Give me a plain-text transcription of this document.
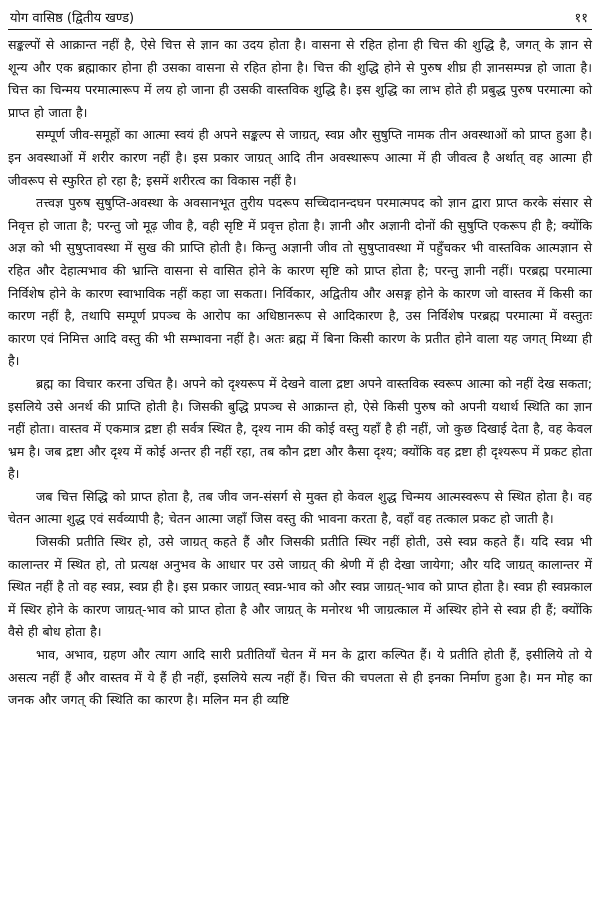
योग वासिष्ठ (द्वितीय खण्ड)	११

सङ्कल्पों से आक्रान्त नहीं है, ऐसे चित्त से ज्ञान का उदय होता है। वासना से रहित होना ही चित्त की शुद्धि है, जगत् के ज्ञान से शून्य और एक ब्रह्माकार होना ही उसका वासना से रहित होना है। चित्त की शुद्धि होने से पुरुष शीघ्र ही ज्ञानसम्पन्न हो जाता है। चित्त का चिन्मय परमात्मारूप में लय हो जाना ही उसकी वास्तविक शुद्धि है। इस शुद्धि का लाभ होते ही प्रबुद्ध पुरुष परमात्मा को प्राप्त हो जाता है।

सम्पूर्ण जीव-समूहों का आत्मा स्वयं ही अपने सङ्कल्प से जाग्रत्, स्वप्न और सुषुप्ति नामक तीन अवस्थाओं को प्राप्त हुआ है। इन अवस्थाओं में शरीर कारण नहीं है। इस प्रकार जाग्रत् आदि तीन अवस्थारूप आत्मा में ही जीवत्व है अर्थात् वह आत्मा ही जीवरूप से स्फुरित हो रहा है; इसमें शरीरत्व का विकास नहीं है।

तत्त्वज्ञ पुरुष सुषुप्ति-अवस्था के अवसानभूत तुरीय पदरूप सच्चिदानन्दघन परमात्मपद को ज्ञान द्वारा प्राप्त करके संसार से निवृत्त हो जाता है; परन्तु जो मूढ़ जीव है, वही सृष्टि में प्रवृत्त होता है। ज्ञानी और अज्ञानी दोनों की सुषुप्ति एकरूप ही है; क्योंकि अज्ञ को भी सुषुप्तावस्था में सुख की प्राप्ति होती है। किन्तु अज्ञानी जीव तो सुषुप्तावस्था में पहुँचकर भी वास्तविक आत्मज्ञान से रहित और देहात्मभाव की भ्रान्ति वासना से वासित होने के कारण सृष्टि को प्राप्त होता है; परन्तु ज्ञानी नहीं। परब्रह्म परमात्मा निर्विशेष होने के कारण स्वाभाविक नहीं कहा जा सकता। निर्विकार, अद्वितीय और असङ्ग होने के कारण जो वास्तव में किसी का कारण नहीं है, तथापि सम्पूर्ण प्रपञ्च के आरोप का अधिष्ठानरूप से आदिकारण है, उस निर्विशेष परब्रह्म परमात्मा में वस्तुतः कारण एवं निमित्त आदि वस्तु की भी सम्भावना नहीं है। अतः ब्रह्म में बिना किसी कारण के प्रतीत होने वाला यह जगत् मिथ्या ही है।

ब्रह्म का विचार करना उचित है। अपने को दृश्यरूप में देखने वाला द्रष्टा अपने वास्तविक स्वरूप आत्मा को नहीं देख सकता; इसलिये उसे अनर्थ की प्राप्ति होती है। जिसकी बुद्धि प्रपञ्च से आक्रान्त हो, ऐसे किसी पुरुष को अपनी यथार्थ स्थिति का ज्ञान नहीं होता। वास्तव में एकमात्र द्रष्टा ही सर्वत्र स्थित है, दृश्य नाम की कोई वस्तु यहाँ है ही नहीं, जो कुछ दिखाई देता है, वह केवल भ्रम है। जब द्रष्टा और दृश्य में कोई अन्तर ही नहीं रहा, तब कौन द्रष्टा और कैसा दृश्य; क्योंकि वह द्रष्टा ही दृश्यरूप में प्रकट होता है।

जब चित्त सिद्धि को प्राप्त होता है, तब जीव जन-संसर्ग से मुक्त हो केवल शुद्ध चिन्मय आत्मस्वरूप से स्थित होता है। वह चेतन आत्मा शुद्ध एवं सर्वव्यापी है; चेतन आत्मा जहाँ जिस वस्तु की भावना करता है, वहाँ वह तत्काल प्रकट हो जाती है।

जिसकी प्रतीति स्थिर हो, उसे जाग्रत् कहते हैं और जिसकी प्रतीति स्थिर नहीं होती, उसे स्वप्न कहते हैं। यदि स्वप्न भी कालान्तर में स्थित हो, तो प्रत्यक्ष अनुभव के आधार पर उसे जाग्रत् की श्रेणी में ही देखा जायेगा; और यदि जाग्रत् कालान्तर में स्थित नहीं है तो वह स्वप्न, स्वप्न ही है। इस प्रकार जाग्रत् स्वप्न-भाव को और स्वप्न जाग्रत्-भाव को प्राप्त होता है। स्वप्न ही स्वप्नकाल में स्थिर होने के कारण जाग्रत्-भाव को प्राप्त होता है और जाग्रत् के मनोरथ भी जाग्रत्काल में अस्थिर होने से स्वप्न ही हैं; क्योंकि वैसे ही बोध होता है।

भाव, अभाव, ग्रहण और त्याग आदि सारी प्रतीतियाँ चेतन में मन के द्वारा कल्पित हैं। ये प्रतीति होती हैं, इसीलिये तो ये असत्य नहीं हैं और वास्तव में ये हैं ही नहीं, इसलिये सत्य नहीं हैं। चित्त की चपलता से ही इनका निर्माण हुआ है। मन मोह का जनक और जगत् की स्थिति का कारण है। मलिन मन ही व्यष्टि
